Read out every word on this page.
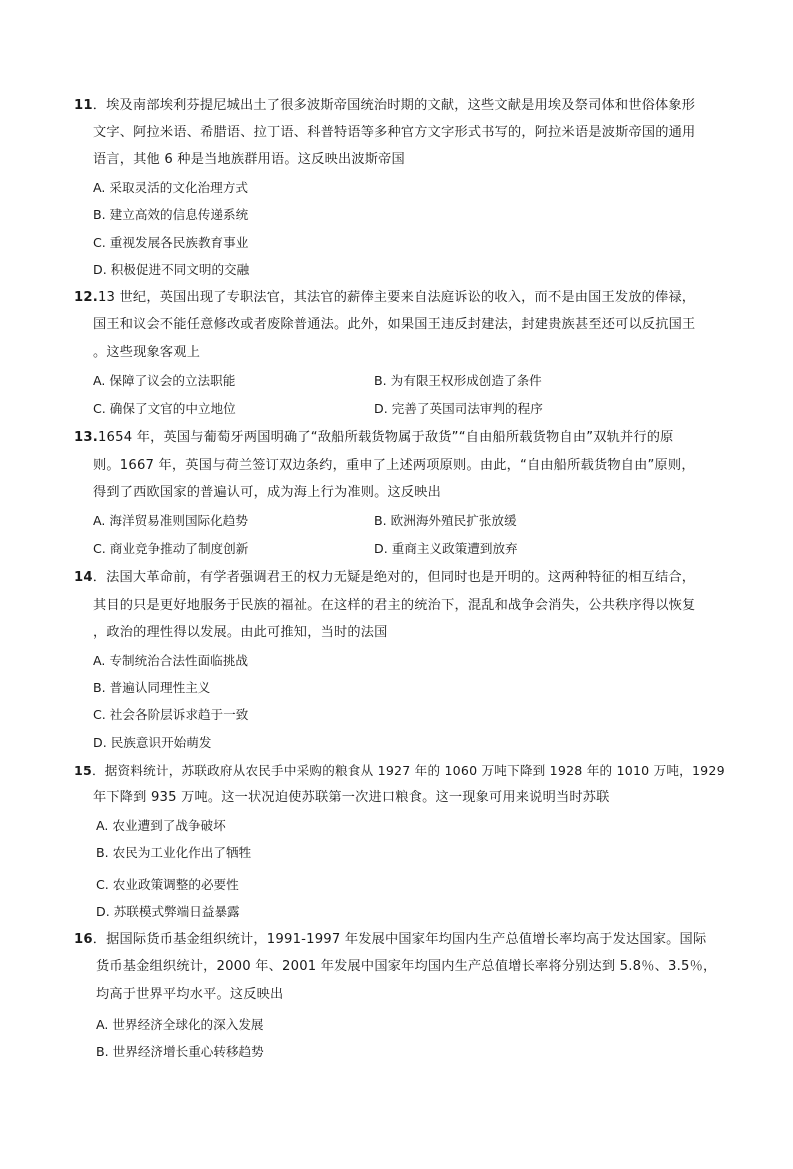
11．埃及南部埃利芬提尼城出土了很多波斯帝国统治时期的文献，这些文献是用埃及祭司体和世俗体象形
文字、阿拉米语、希腊语、拉丁语、科普特语等多种官方文字形式书写的，阿拉米语是波斯帝国的通用
语言，其他 6 种是当地族群用语。这反映出波斯帝国
A. 采取灵活的文化治理方式
B. 建立高效的信息传递系统
C. 重视发展各民族教育事业
D. 积极促进不同文明的交融
12.13 世纪，英国出现了专职法官，其法官的薪俸主要来自法庭诉讼的收入，而不是由国王发放的俸禄，
国王和议会不能任意修改或者废除普通法。此外，如果国王违反封建法，封建贵族甚至还可以反抗国王
。这些现象客观上
A. 保障了议会的立法职能	B. 为有限王权形成创造了条件
C. 确保了文官的中立地位	D. 完善了英国司法审判的程序
13.1654 年，英国与葡萄牙两国明确了“敌船所载货物属于敌货”“自由船所载货物自由”双轨并行的原
则。1667 年，英国与荷兰签订双边条约，重申了上述两项原则。由此，“自由船所载货物自由”原则，
得到了西欧国家的普遍认可，成为海上行为准则。这反映出
A. 海洋贸易准则国际化趋势	B. 欧洲海外殖民扩张放缓
C. 商业竞争推动了制度创新	D. 重商主义政策遭到放弃
14．法国大革命前，有学者强调君王的权力无疑是绝对的，但同时也是开明的。这两种特征的相互结合，
其目的只是更好地服务于民族的福祉。在这样的君主的统治下，混乱和战争会消失，公共秩序得以恢复
，政治的理性得以发展。由此可推知，当时的法国
A. 专制统治合法性面临挑战
B. 普遍认同理性主义
C. 社会各阶层诉求趋于一致
D. 民族意识开始萌发
15．据资料统计，苏联政府从农民手中采购的粮食从 1927 年的 1060 万吨下降到 1928 年的 1010 万吨，1929
年下降到 935 万吨。这一状况迫使苏联第一次进口粮食。这一现象可用来说明当时苏联
A. 农业遭到了战争破坏
B. 农民为工业化作出了牺牲
C. 农业政策调整的必要性
D. 苏联模式弊端日益暴露
16．据国际货币基金组织统计，1991-1997 年发展中国家年均国内生产总值增长率均高于发达国家。国际
货币基金组织统计，2000 年、2001 年发展中国家年均国内生产总值增长率将分别达到 5.8％、3.5％，
均高于世界平均水平。这反映出
A. 世界经济全球化的深入发展
B. 世界经济增长重心转移趋势
